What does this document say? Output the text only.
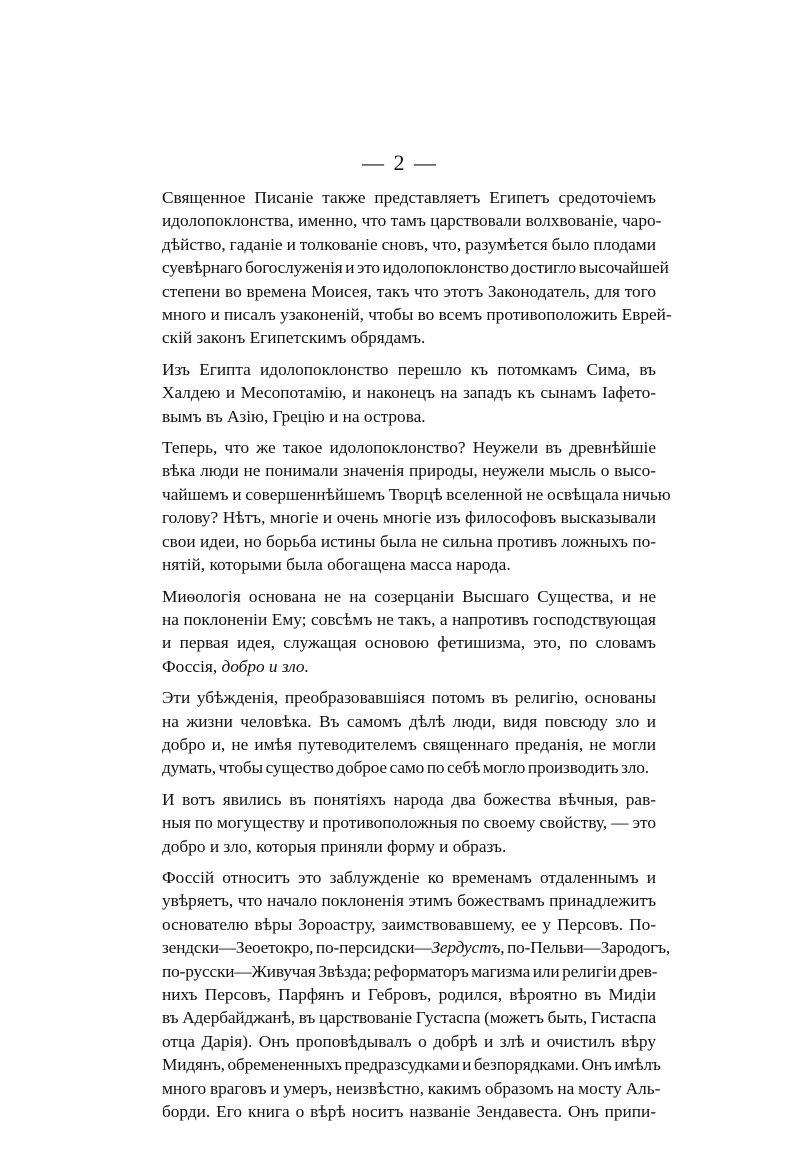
— 2 —

Священное Писаніе также представляетъ Египетъ средоточіемъ
идолопоклонства, именно, что тамъ царствовали волхвованіе, чаро-
дѣйство, гаданіе и толкованіе сновъ, что, разумѣется было плодами
суевѣрнаго богослуженія и это идолопоклонство достигло высочайшей
степени во времена Моисея, такъ что этотъ Законодатель, для того
много и писалъ узаконеній, чтобы во всемъ противоположить Еврей-
скій законъ Египетскимъ обрядамъ.

Изъ Египта идолопоклонство перешло къ потомкамъ Сима, въ
Халдею и Месопотамію, и наконецъ на западъ къ сынамъ Іафето-
вымъ въ Азію, Грецію и на острова.

Теперь, что же такое идолопоклонство? Неужели въ древнѣйшіе
вѣка люди не понимали значенія природы, неужели мысль о высо-
чайшемъ и совершеннѣйшемъ Творцѣ вселенной не освѣщала ничью
голову? Нѣтъ, многіе и очень многіе изъ философовъ высказывали
свои идеи, но борьба истины была не сильна противъ ложныхъ по-
нятій, которыми была обогащена масса народа.

Миѳологія основана не на созерцаніи Высшаго Существа, и не
на поклоненіи Ему; совсѣмъ не такъ, а напротивъ господствующая
и первая идея, служащая основою фетишизма, это, по словамъ
Фоссія, добро и зло.

Эти убѣжденія, преобразовавшіяся потомъ въ религію, основаны
на жизни человѣка. Въ самомъ дѣлѣ люди, видя повсюду зло и
добро и, не имѣя путеводителемъ священнаго преданія, не могли
думать, чтобы существо доброе само по себѣ могло производить зло.

И вотъ явились въ понятіяхъ народа два божества вѣчныя, рав-
ныя по могуществу и противоположныя по своему свойству, — это
добро и зло, которыя приняли форму и образъ.

Фоссій относитъ это заблужденіе ко временамъ отдаленнымъ и
увѣряетъ, что начало поклоненія этимъ божествамъ принадлежитъ
основателю вѣры Зороастру, заимствовавшему, ее у Персовъ. По-
зендски—Зеоетокро, по-персидски—Зердустъ, по-Пельви—Зародогъ,
по-русски—Живучая Звѣзда; реформаторъ магизма или религіи древ-
нихъ Персовъ, Парфянъ и Гебровъ, родился, вѣроятно въ Мидіи
въ Адербайджанѣ, въ царствованіе Густаспа (можетъ быть, Гистаспа
отца Дарія). Онъ проповѣдывалъ о добрѣ и злѣ и очистилъ вѣру
Мидянъ, обремененныхъ предразсудками и безпорядками. Онъ имѣлъ
много враговъ и умеръ, неизвѣстно, какимъ образомъ на мосту Аль-
борди. Его книга о вѣрѣ носитъ названіе Зендавеста. Онъ припи-
